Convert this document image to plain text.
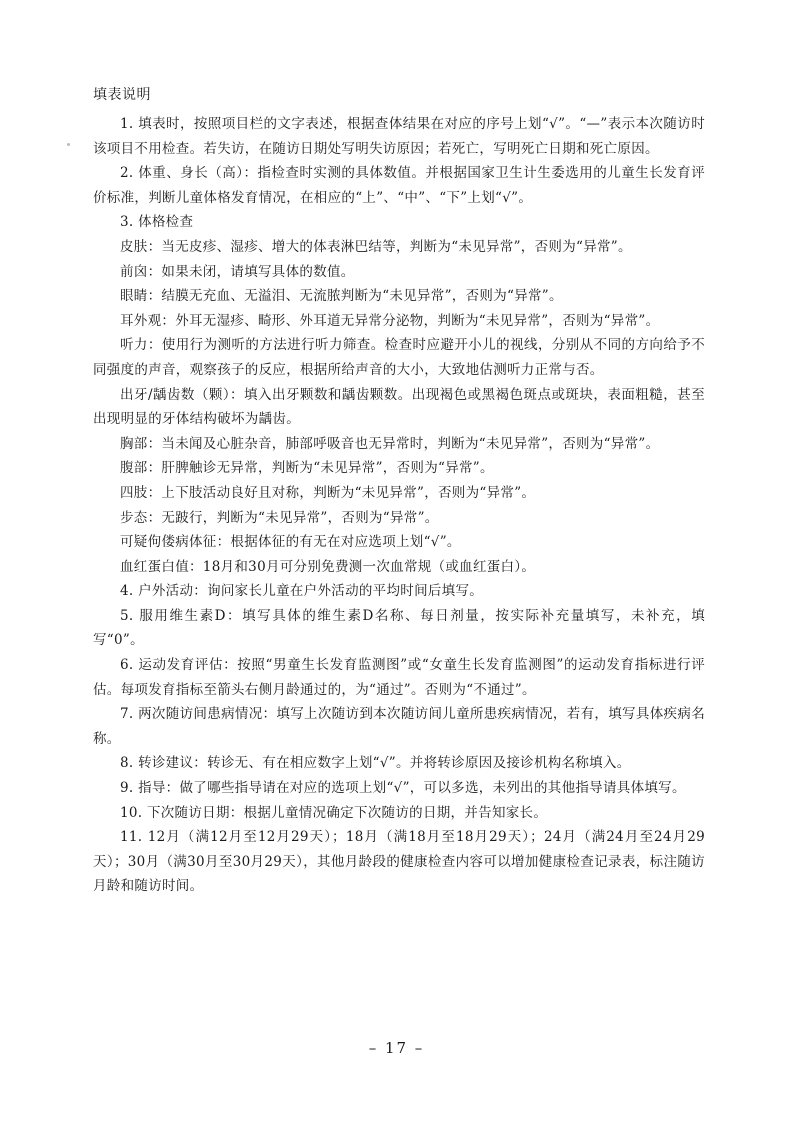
填表说明

1. 填表时，按照项目栏的文字表述，根据查体结果在对应的序号上划“√”。“—”表示本次随访时该项目不用检查。若失访，在随访日期处写明失访原因；若死亡，写明死亡日期和死亡原因。

2. 体重、身长（高）：指检查时实测的具体数值。并根据国家卫生计生委选用的儿童生长发育评价标准，判断儿童体格发育情况，在相应的“上”、“中”、“下”上划“√”。

3. 体格检查

皮肤：当无皮疹、湿疹、增大的体表淋巴结等，判断为“未见异常”，否则为“异常”。

前囟：如果未闭，请填写具体的数值。

眼睛：结膜无充血、无溢泪、无流脓判断为“未见异常”，否则为“异常”。

耳外观：外耳无湿疹、畸形、外耳道无异常分泌物，判断为“未见异常”，否则为“异常”。

听力：使用行为测听的方法进行听力筛查。检查时应避开小儿的视线，分别从不同的方向给予不同强度的声音，观察孩子的反应，根据所给声音的大小，大致地估测听力正常与否。

出牙/龋齿数（颗）：填入出牙颗数和龋齿颗数。出现褐色或黑褐色斑点或斑块，表面粗糙，甚至出现明显的牙体结构破坏为龋齿。

胸部：当未闻及心脏杂音，肺部呼吸音也无异常时，判断为“未见异常”，否则为“异常”。

腹部：肝脾触诊无异常，判断为“未见异常”，否则为“异常”。

四肢：上下肢活动良好且对称，判断为“未见异常”，否则为“异常”。

步态：无跛行，判断为“未见异常”，否则为“异常”。

可疑佝偻病体征：根据体征的有无在对应选项上划“√”。

血红蛋白值：18月和30月可分别免费测一次血常规（或血红蛋白）。

4. 户外活动：询问家长儿童在户外活动的平均时间后填写。

5. 服用维生素D：填写具体的维生素D名称、每日剂量，按实际补充量填写，未补充，填写“0”。

6. 运动发育评估：按照“男童生长发育监测图”或“女童生长发育监测图”的运动发育指标进行评估。每项发育指标至箭头右侧月龄通过的，为“通过”。否则为“不通过”。

7. 两次随访间患病情况：填写上次随访到本次随访间儿童所患疾病情况，若有，填写具体疾病名称。

8. 转诊建议：转诊无、有在相应数字上划“√”。并将转诊原因及接诊机构名称填入。

9. 指导：做了哪些指导请在对应的选项上划“√”，可以多选，未列出的其他指导请具体填写。

10. 下次随访日期：根据儿童情况确定下次随访的日期，并告知家长。

11. 12月（满12月至12月29天）；18月（满18月至18月29天）；24月（满24月至24月29天）；30月（满30月至30月29天），其他月龄段的健康检查内容可以增加健康检查记录表，标注随访月龄和随访时间。

– 17 –
